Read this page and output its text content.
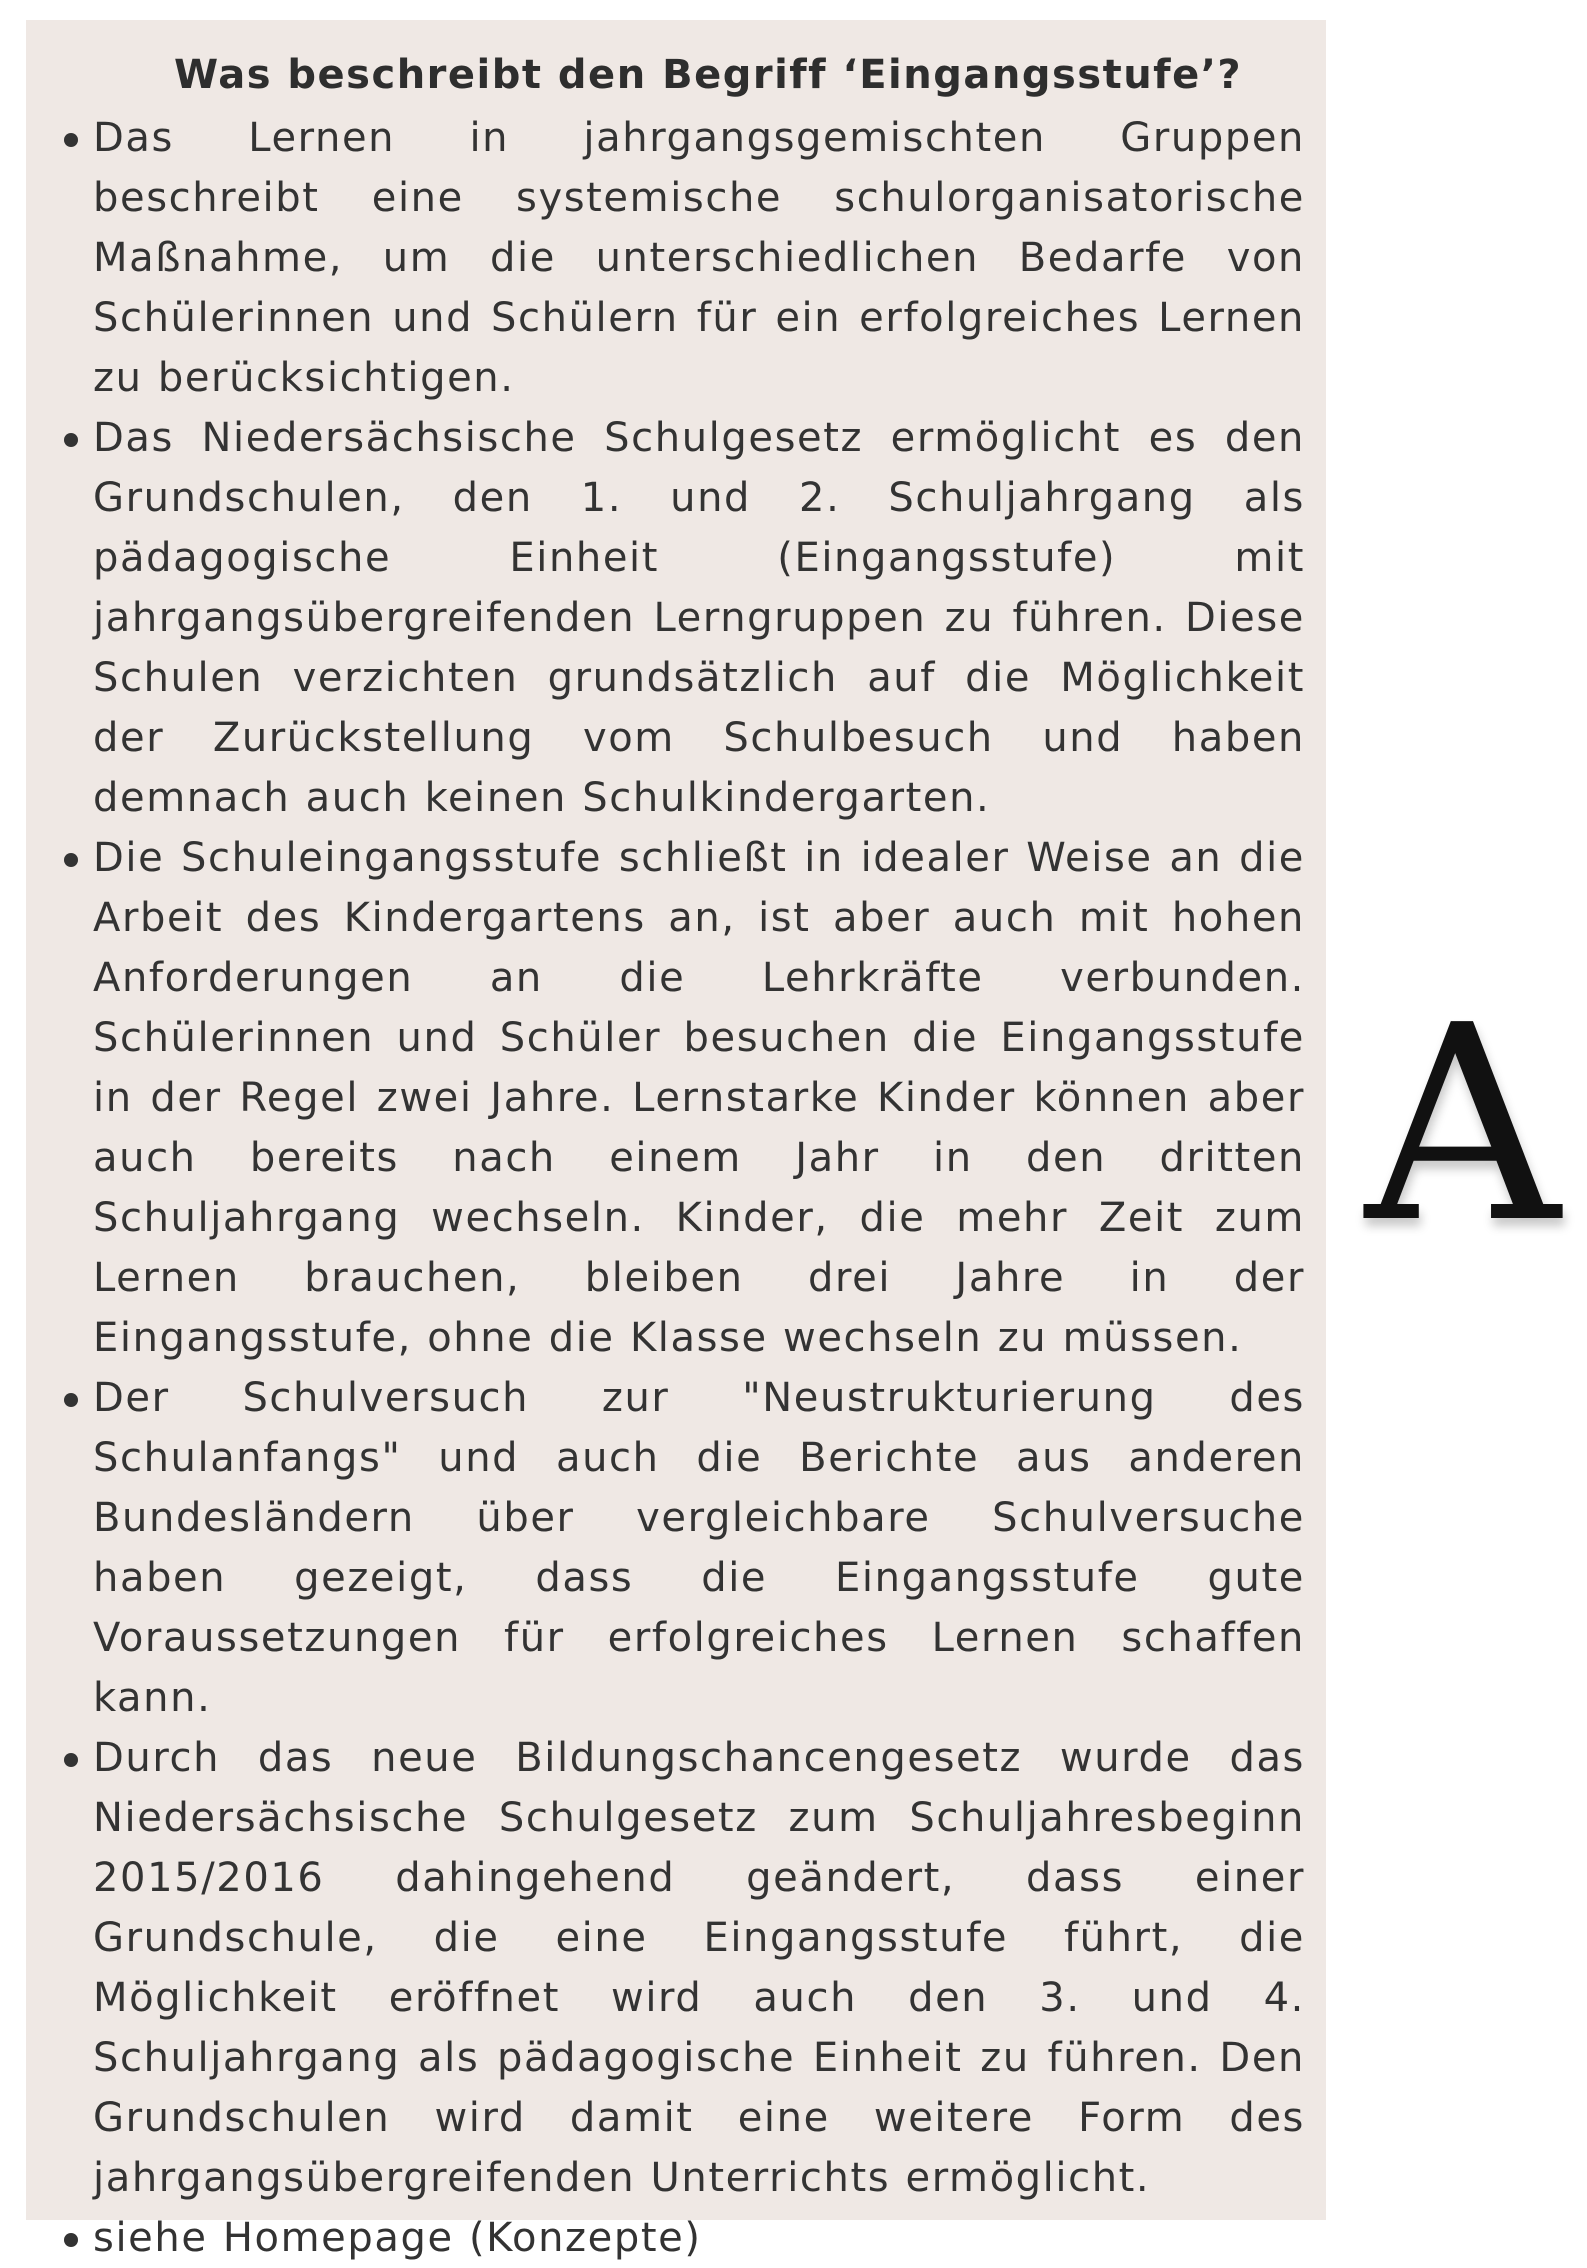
Was beschreibt den Begriff ‘Eingangsstufe’?
Das Lernen in jahrgangsgemischten Gruppen beschreibt eine systemische schulorganisatorische Maßnahme, um die unterschiedlichen Bedarfe von Schülerinnen und Schülern für ein erfolgreiches Lernen zu berücksichtigen.
Das Niedersächsische Schulgesetz ermöglicht es den Grundschulen, den 1. und 2. Schuljahrgang als pädagogische Einheit (Eingangsstufe) mit jahrgangsübergreifenden Lerngruppen zu führen. Diese Schulen verzichten grundsätzlich auf die Möglichkeit der Zurückstellung vom Schulbesuch und haben demnach auch keinen Schulkindergarten.
Die Schuleingangsstufe schließt in idealer Weise an die Arbeit des Kindergartens an, ist aber auch mit hohen Anforderungen an die Lehrkräfte verbunden. Schülerinnen und Schüler besuchen die Eingangsstufe in der Regel zwei Jahre. Lernstarke Kinder können aber auch bereits nach einem Jahr in den dritten Schuljahrgang wechseln. Kinder, die mehr Zeit zum Lernen brauchen, bleiben drei Jahre in der Eingangsstufe, ohne die Klasse wechseln zu müssen.
Der Schulversuch zur "Neustrukturierung des Schulanfangs" und auch die Berichte aus anderen Bundesländern über vergleichbare Schulversuche haben gezeigt, dass die Eingangsstufe gute Voraussetzungen für erfolgreiches Lernen schaffen kann.
Durch das neue Bildungschancengesetz wurde das Niedersächsische Schulgesetz zum Schuljahresbeginn 2015/2016 dahingehend geändert, dass einer Grundschule, die eine Eingangsstufe führt, die Möglichkeit eröffnet wird auch den 3. und 4. Schuljahrgang als pädagogische Einheit zu führen. Den Grundschulen wird damit eine weitere Form des jahrgangsübergreifenden Unterrichts ermöglicht.
siehe Homepage (Konzepte)
A
